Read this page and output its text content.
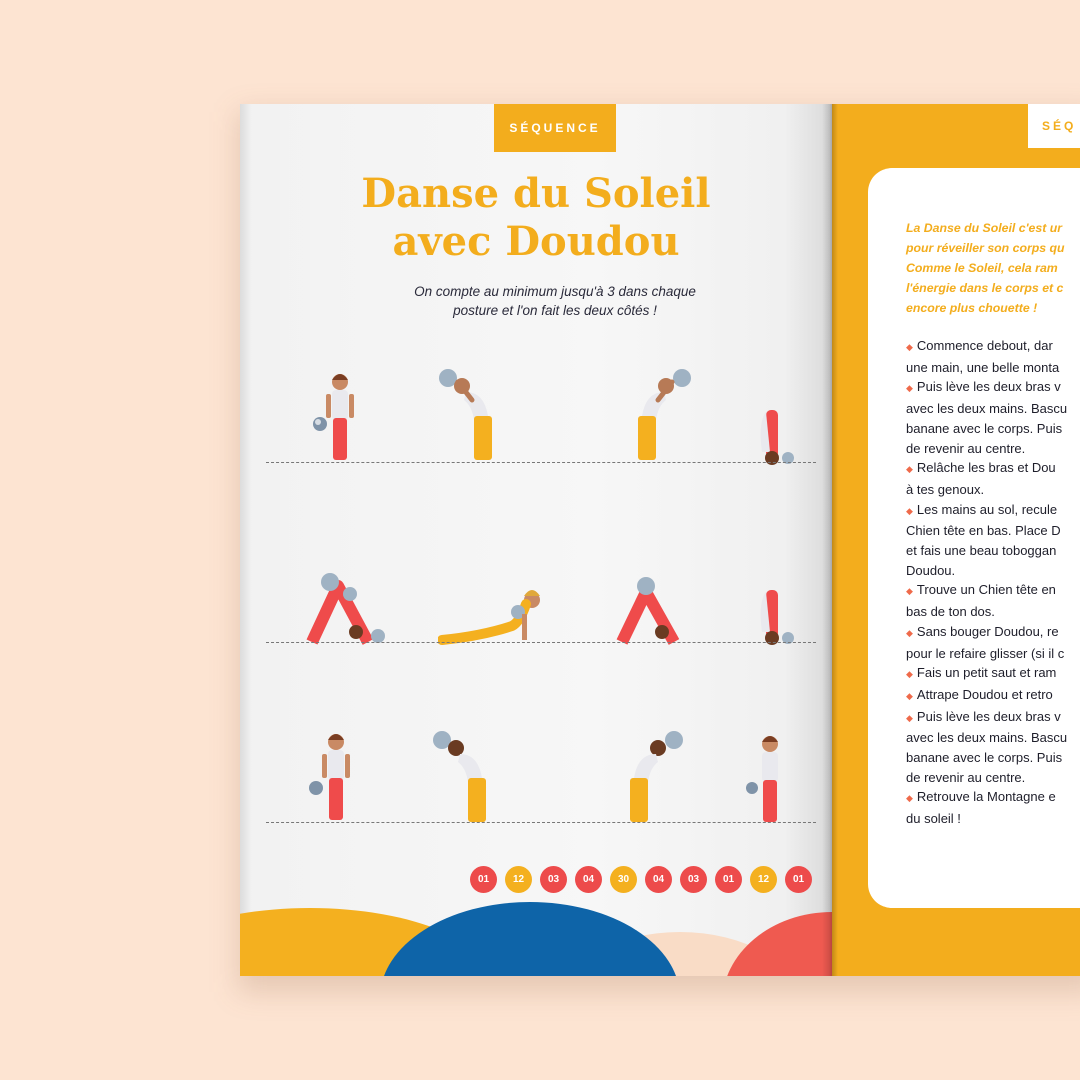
SÉQUENCE
Danse du Soleil
avec Doudou
On compte au minimum jusqu'à 3 dans chaque
posture et l'on fait les deux côtés !
01	12	03	04	30	04	03	01	12	01
SÉQ
La Danse du Soleil c'est ur
pour réveiller son corps qu
Comme le Soleil, cela ram
l'énergie dans le corps et c
encore plus chouette !
◆ Commence debout, dar
une main, une belle monta
◆ Puis lève les deux bras v
avec les deux mains. Bascu
banane avec le corps. Puis
de revenir au centre.
◆ Relâche les bras et Dou
à tes genoux.
◆ Les mains au sol, recule
Chien tête en bas. Place D
et fais une beau toboggan
Doudou.
◆ Trouve un Chien tête en
bas de ton dos.
◆ Sans bouger Doudou, re
pour le refaire glisser (si il c
◆ Fais un petit saut et ram
◆ Attrape Doudou et retro
◆ Puis lève les deux bras v
avec les deux mains. Bascu
banane avec le corps. Puis
de revenir au centre.
◆ Retrouve la Montagne e
du soleil !
